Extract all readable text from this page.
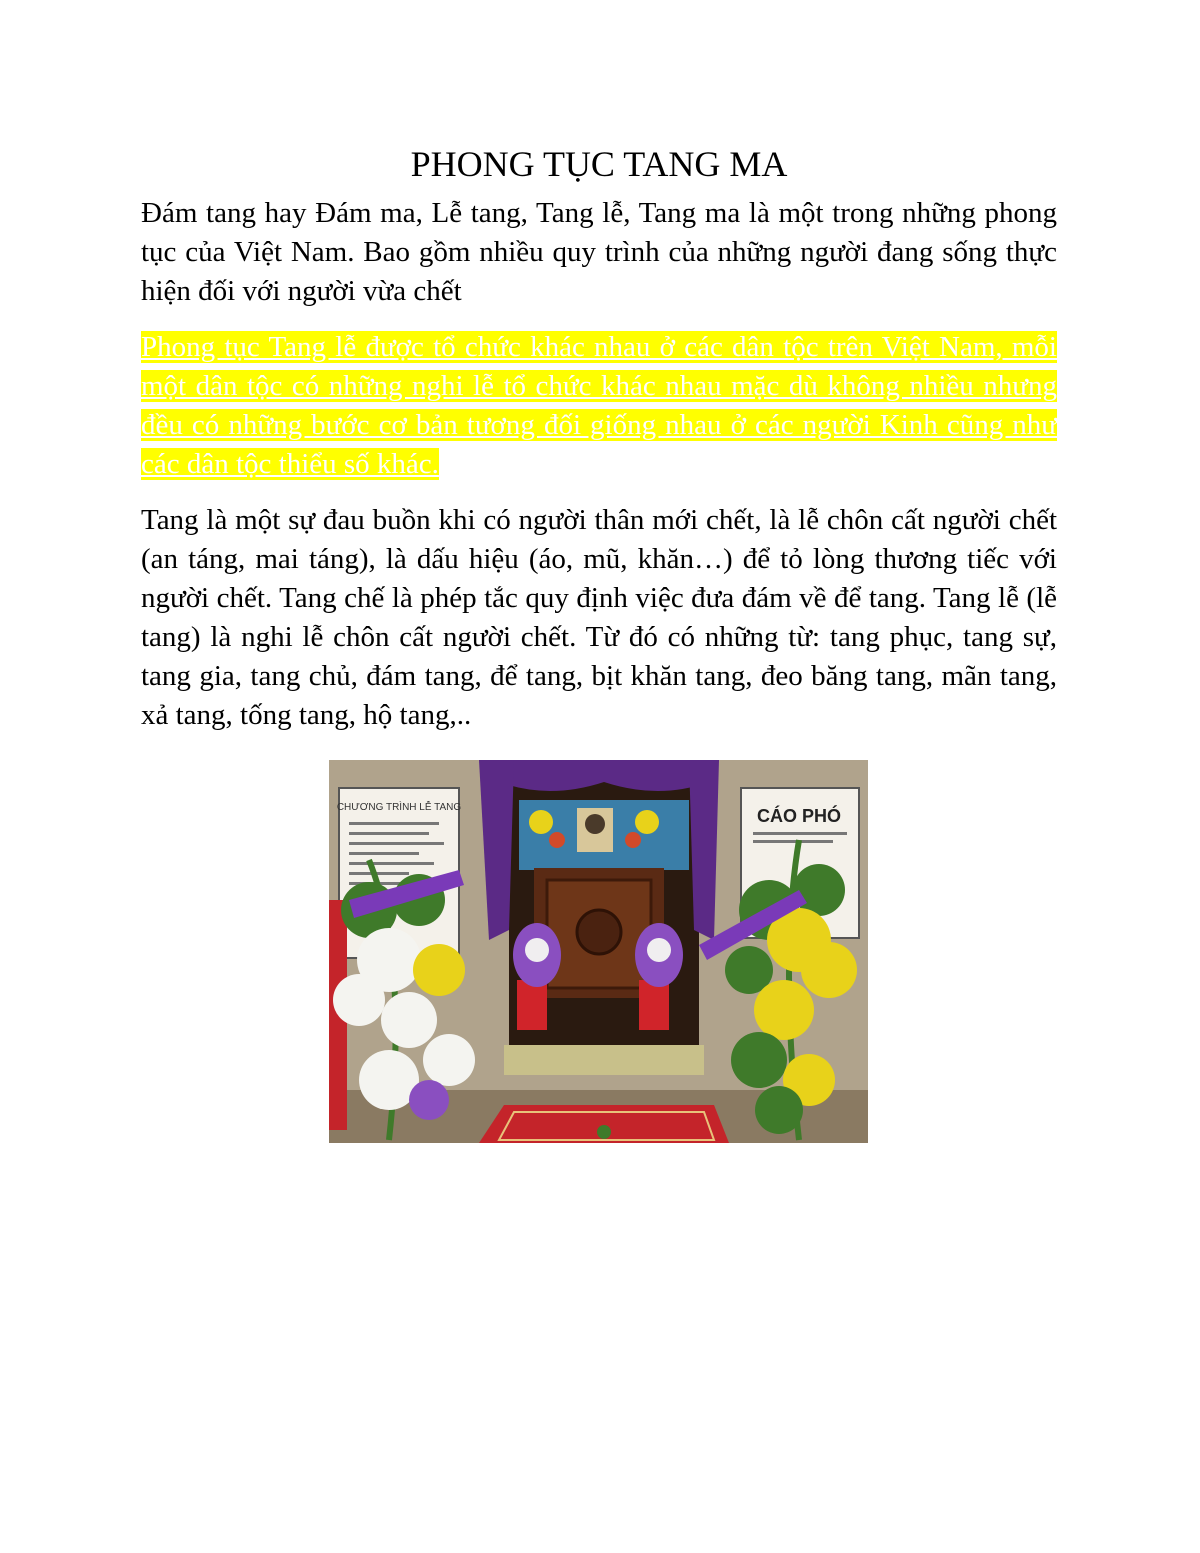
PHONG TỤC TANG MA

Đám tang hay Đám ma, Lễ tang, Tang lễ, Tang ma là một trong những phong tục của Việt Nam. Bao gồm nhiều quy trình của những người đang sống thực hiện đối với người vừa chết

Phong tục Tang lễ được tổ chức khác nhau ở các dân tộc trên Việt Nam, mỗi một dân tộc có những nghi lễ tổ chức khác nhau mặc dù không nhiều nhưng đều có những bước cơ bản tương đối giống nhau ở các người Kinh cũng như các dân tộc thiểu số khác.

Tang là một sự đau buồn khi có người thân mới chết, là lễ chôn cất người chết (an táng, mai táng), là dấu hiệu (áo, mũ, khăn…) để tỏ lòng thương tiếc với người chết. Tang chế là phép tắc quy định việc đưa đám về để tang. Tang lễ (lễ tang) là nghi lễ chôn cất người chết. Từ đó có những từ: tang phục, tang sự, tang gia, tang chủ, đám tang, để tang, bịt khăn tang, đeo băng tang, mãn tang, xả tang, tống tang, hộ tang,..

CHƯƠNG TRÌNH LỄ TANG	CÁO PHÓ
